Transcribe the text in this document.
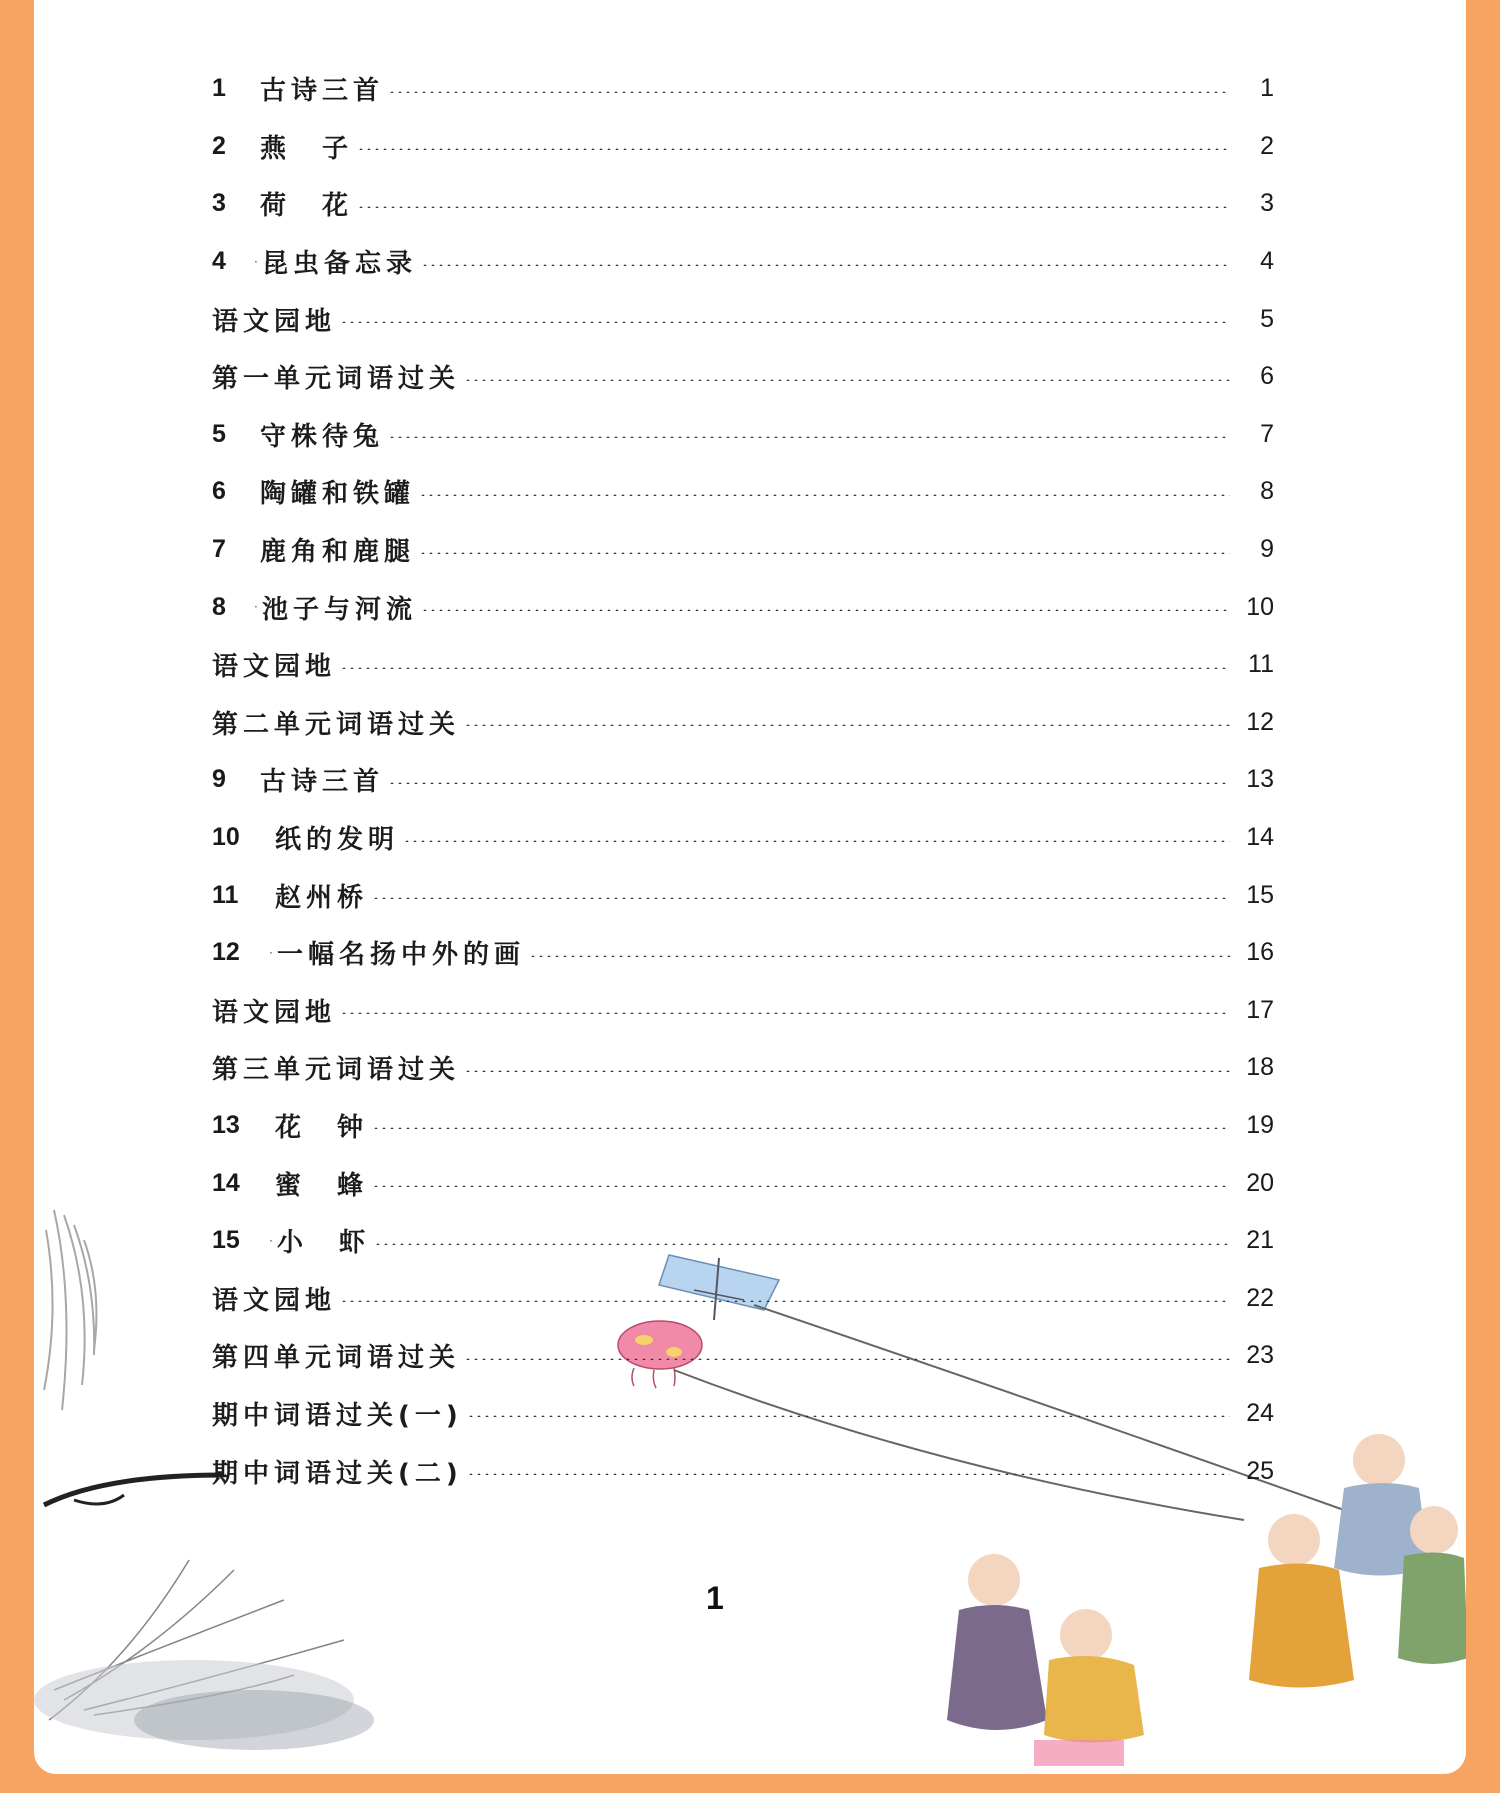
1	古诗三首	1
2	燕　子	2
3	荷　花	3
4	· 昆虫备忘录	4
语文园地	5
第一单元词语过关	6
5	守株待兔	7
6	陶罐和铁罐	8
7	鹿角和鹿腿	9
8	· 池子与河流	10
语文园地	11
第二单元词语过关	12
9	古诗三首	13
10	纸的发明	14
11	赵州桥	15
12	· 一幅名扬中外的画	16
语文园地	17
第三单元词语过关	18
13	花　钟	19
14	蜜　蜂	20
15	· 小　虾	21
语文园地	22
第四单元词语过关	23
期中词语过关(一)	24
期中词语过关(二)	25
1
